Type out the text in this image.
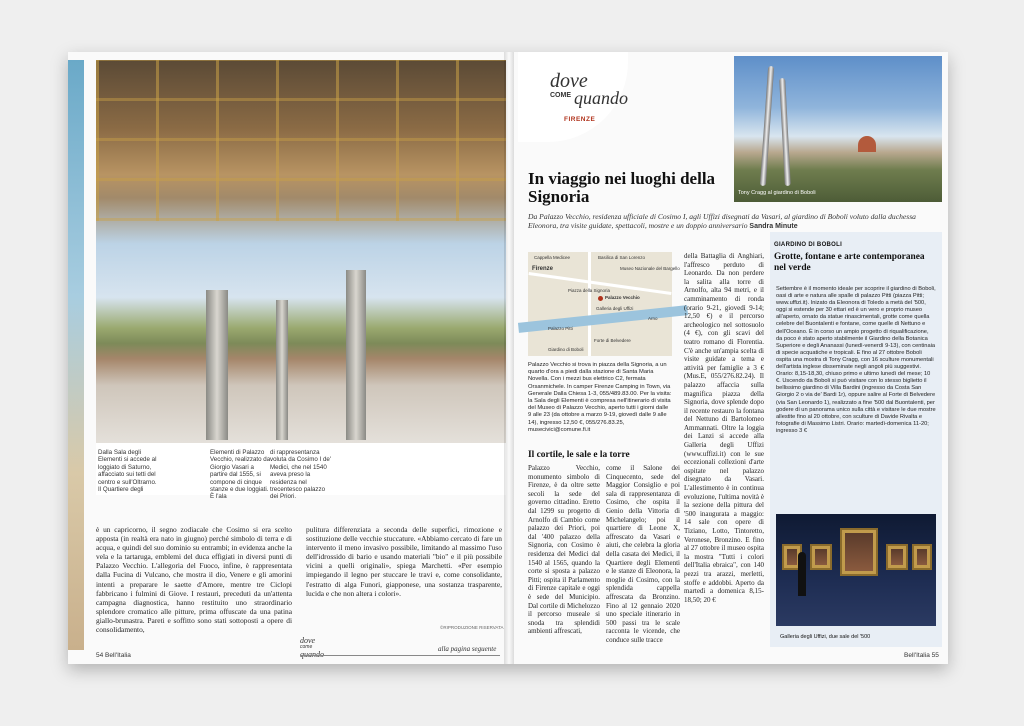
Dalla Sala degli Elementi si accede al loggiato di Saturno, affacciato sui tetti del centro e sull'Oltrarno. Il Quartiere degli
Elementi di Palazzo Vecchio, realizzato da Giorgio Vasari a partire dal 1555, si compone di cinque stanze e due loggiati. È l'ala
di rappresentanza voluta da Cosimo I de' Medici, che nel 1540 aveva preso la residenza nel trecentesco palazzo dei Priori.
è un capricorno, il segno zodiacale che Cosimo si era scelto apposta (in realtà era nato in giugno) perché simbolo di terra e di acqua, e quindi del suo dominio su entrambi; in evidenza anche la vela e la tartaruga, emblemi del duca effigiati in diversi punti di Palazzo Vecchio. L'allegoria del Fuoco, infine, è rappresentata dalla Fucina di Vulcano, che mostra il dio, Venere e gli amorini intenti a preparare le saette d'Amore, mentre tre Ciclopi fabbricano i fulmini di Giove. I restauri, preceduti da un'attenta campagna diagnostica, hanno restituito uno straordinario splendore cromatico alle pitture, prima offuscate da una patina giallo-brunastra. Pareti e soffitto sono stati sottoposti a opere di consolidamento,
pulitura differenziata a seconda delle superfici, rimozione e sostituzione delle vecchie stuccature. «Abbiamo cercato di fare un intervento il meno invasivo possibile, limitando al massimo l'uso dell'idrossido di bario e usando materiali "bio" e il più possibile vicini a quelli originali», spiega Marchetti. «Per esempio impiegando il legno per stuccare le travi e, come consolidante, l'estratto di alga Funori, giapponese, una sostanza trasparente, lucida e che non altera i colori».
©RIPRODUZIONE RISERVATA
dove
come	alla pagina seguente
54 Bell'Italia
dove
COME quando
FIRENZE
Tony Cragg al giardino di Boboli
In viaggio nei luoghi della Signoria
Da Palazzo Vecchio, residenza ufficiale di Cosimo I, agli Uffizi disegnati da Vasari, al giardino di Boboli voluto dalla duchessa Eleonora, tra visite guidate, spettacoli, mostre e un doppio anniversario Sandra Minute
Firenze
Cappella Medicee	Basilica di San Lorenzo
Museo Nazionale del Bargello
Palazzo Vecchio
Galleria degli Uffizi
Piazza della Signoria
Palazzo Pitti
Arno
Forte di Belvedere
Giardino di Boboli
Palazzo Vecchio si trova in piazza della Signoria, a un quarto d'ora a piedi dalla stazione di Santa Maria Novella. Con i mezzi bus elettrico C2, fermata Orsanmichele. In camper Firenze Camping in Town, via Generale Dalla Chiesa 1-3, 055/489.83.00. Per la visita: la Sala degli Elementi è compresa nell'itinerario di visita del Museo di Palazzo Vecchio, aperto tutti i giorni dalle 9 alle 23 (da ottobre a marzo 9-19, giovedì dalle 9 alle 14), ingresso 12,50 €, 055/276.83.25, musecivici@comune.fi.it
Il cortile, le sale e la torre
Palazzo Vecchio, monumento simbolo di Firenze, è da oltre sette secoli la sede del governo cittadino. Eretto dal 1299 su progetto di Arnolfo di Cambio come palazzo dei Priori, poi dal '400 palazzo della Signoria, con Cosimo è residenza dei Medici dal 1540 al 1565, quando la corte si sposta a palazzo Pitti; ospita il Parlamento di Firenze capitale e oggi è sede del Municipio. Dal cortile di Michelozzo il percorso museale si snoda tra splendidi ambienti affrescati,
come il Salone dei Cinquecento, sede del Maggior Consiglio e poi sala di rappresentanza di Cosimo, che ospita il Genio della Vittoria di Michelangelo; poi il quartiere di Leone X, affrescato da Vasari e aiuti, che celebra la gloria della casata dei Medici, il Quartiere degli Elementi e le stanze di Eleonora, la moglie di Cosimo, con la splendida cappella affrescata da Bronzino. Fino al 12 gennaio 2020 uno speciale itinerario in 500 passi tra le scale racconta le vicende, che conduce sulle tracce
della Battaglia di Anghiari, l'affresco perduto di Leonardo. Da non perdere la salita alla torre di Arnolfo, alta 94 metri, e il camminamento di ronda (orario 9-21, giovedì 9-14; 12,50 €) e il percorso archeologico nel sottosuolo (4 €), con gli scavi del teatro romano di Florentia. C'è anche un'ampia scelta di visite guidate a tema e attività per famiglie a 3 € (Mus.E, 055/276.82.24). Il palazzo affaccia sulla magnifica piazza della Signoria, dove splende dopo il recente restauro la fontana del Nettuno di Bartolomeo Ammannati. Oltre la loggia dei Lanzi si accede alla Galleria degli Uffizi (www.uffizi.it) con le sue eccezionali collezioni d'arte ospitate nel palazzo disegnato da Vasari. L'allestimento è in continua evoluzione, l'ultima novità è la sezione della pittura del '500 inaugurata a maggio: 14 sale con opere di Tiziano, Lotto, Tintoretto, Veronese, Bronzino. E fino al 27 ottobre il museo ospita la mostra "Tutti i colori dell'Italia ebraica", con 140 pezzi tra arazzi, merletti, stoffe e addobbi. Aperto da martedì a domenica 8,15-18,50; 20 €
GIARDINO DI BOBOLI
Grotte, fontane e arte contemporanea nel verde
Settembre è il momento ideale per scoprire il giardino di Boboli, oasi di arte e natura alle spalle di palazzo Pitti (piazza Pitti; www.uffizi.it). Inizato da Eleonora di Toledo a metà del '500, oggi si estende per 30 ettari ed è un vero e proprio museo all'aperto, ornato da statue rinascimentali, grotte come quella celebre del Buontalenti e fontane, come quelle di Nettuno e dell'Oceano. È in corso un ampio progetto di riqualificazione, da poco è stato aperto stabilmente il Giardino della Botanica Superiore e degli Ananassi (lunedì-venerdì 9-13), con centinaia di specie acquatiche e tropicali. E fino al 27 ottobre Boboli ospita una mostra di Tony Cragg, con 16 sculture monumentali dell'artista inglese disseminate negli angoli più suggestivi. Orario: 8,15-18,30, chiuso primo e ultimo lunedì del mese; 10 €. Uscendo da Boboli si può visitare con lo stesso biglietto il bellissimo giardino di Villa Bardini (ingresso da Costa San Giorgio 2 o via de' Bardi 1r), oppure salire al Forte di Belvedere (via San Leonardo 1), realizzato a fine '500 dal Buontalenti, per godere di un panorama unico sulla città e visitare le due mostre allestite fino al 20 ottobre, con sculture di Davide Rivalta e fotografie di Massimo Listri. Orario: martedì-domenica 11-20; ingresso 3 €
Galleria degli Uffizi, due sale del '500
Bell'Italia 55
